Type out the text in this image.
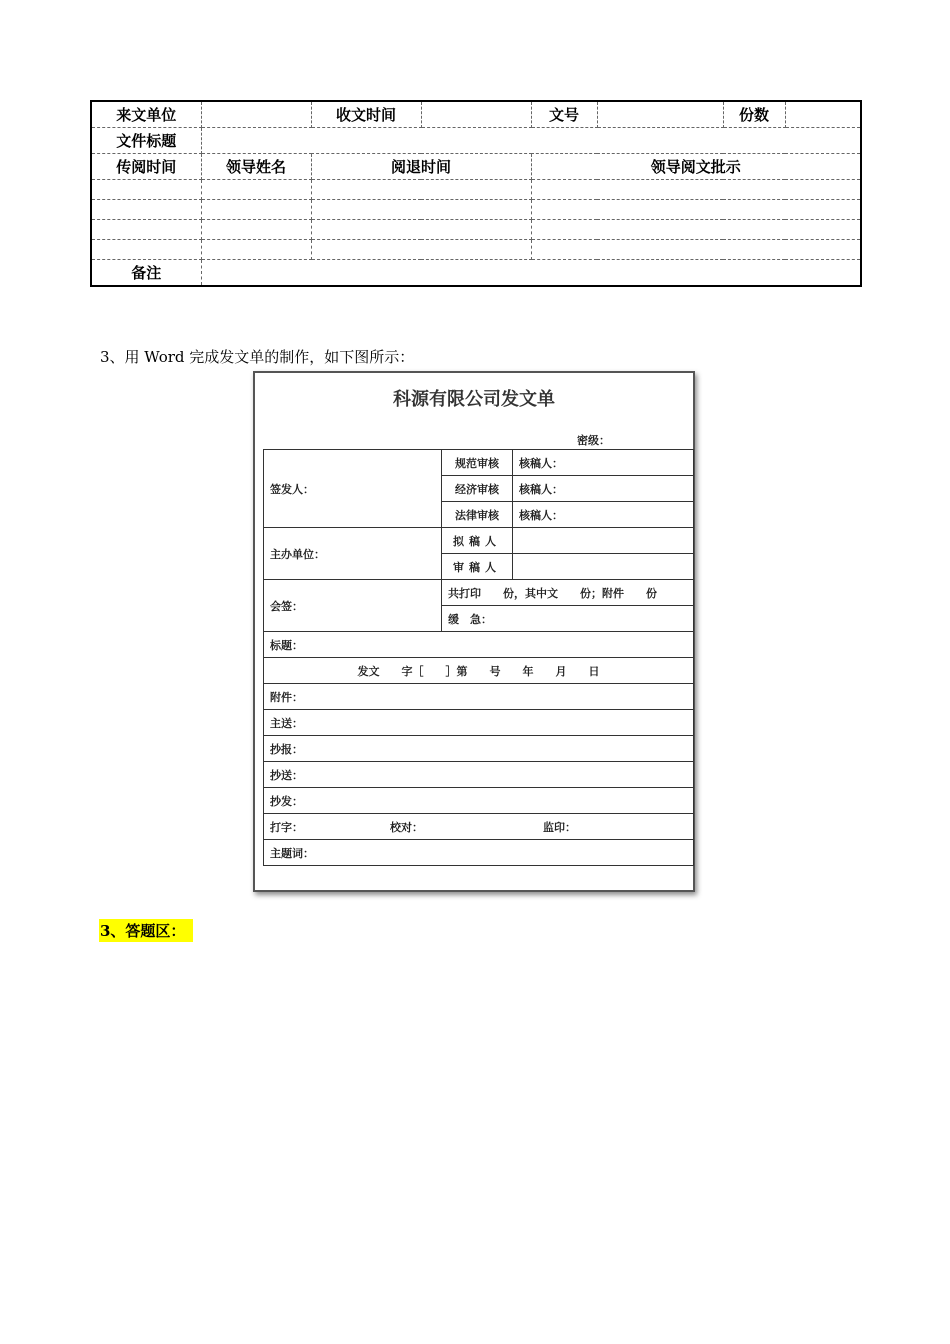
来文单位		收文时间		文号		份数	
文件标题							
传阅时间	领导姓名	阅退时间		领导阅文批示			

备注							
3、用 Word 完成发文单的制作，如下图所示：
科源有限公司发文单
密级：
签发人：	规范审核	核稿人：
	经济审核	核稿人：
	法律审核	核稿人：
主办单位：	拟稿人	
	审稿人	
会签：	共打印　　份，其中文　　份；附件　　份	
	缓　急：	
标题：		
发文　　字［　　］第　　号　　年　　月　　日		
附件：		
主送：		
抄报：		
抄送：		
抄发：		
打字： 校对： 监印：		
主题词：		
3、答题区：
